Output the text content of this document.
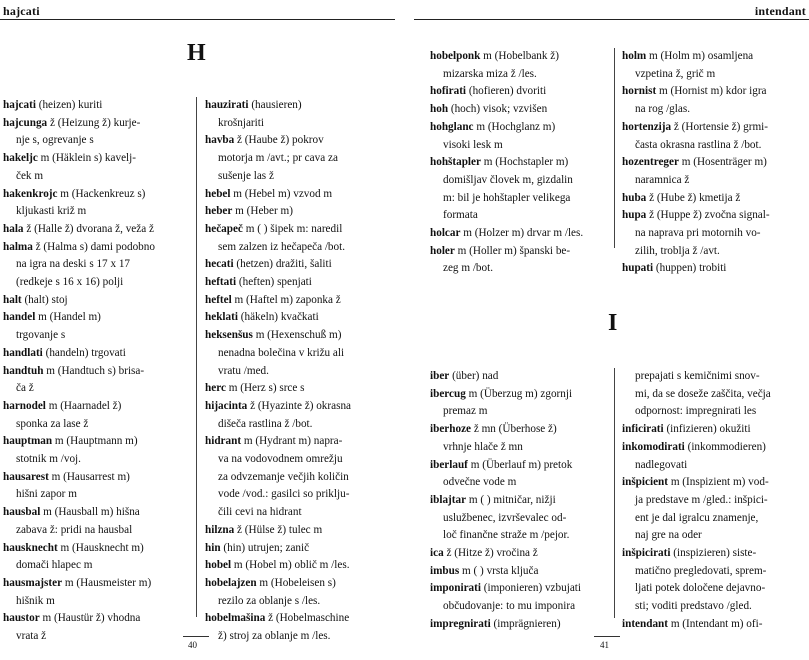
hajcati
H
hajcati (heizen) kuriti
hajcunga ž (Heizung ž) kurje-
nje s, ogrevanje s
hakeljc m (Häklein s) kavelj-
ček m
hakenkrojc m (Hackenkreuz s)
kljukasti križ m
hala ž (Halle ž) dvorana ž, veža ž
halma ž (Halma s) dami podobno
na igra na deski s 17 x 17
(redkeje s 16 x 16) polji
halt (halt) stoj
handel m (Handel m)
trgovanje s
handlati (handeln) trgovati
handtuh m (Handtuch s) brisa-
ča ž
harnodel m (Haarnadel ž)
sponka za lase ž
hauptman m (Hauptmann m)
stotnik m /voj.
hausarest m (Hausarrest m)
hišni zapor m
hausbal m (Hausball m) hišna
zabava ž: pridi na hausbal
hausknecht m (Hausknecht m)
domači hlapec m
hausmajster m (Hausmeister m)
hišnik m
haustor m (Haustür ž) vhodna
vrata ž
hauzirati (hausieren)
krošnjariti
havba ž (Haube ž) pokrov
motorja m /avt.; pr cava za
sušenje las ž
hebel m (Hebel m) vzvod m
heber m (Heber m)
hečapeč m ( ) šipek m: naredil
sem zalzen iz hečapeča /bot.
hecati (hetzen) dražiti, šaliti
heftati (heften) spenjati
heftel m (Haftel m) zaponka ž
heklati (häkeln) kvačkati
heksenšus m (Hexenschuß m)
nenadna bolečina v križu ali
vratu /med.
herc m (Herz s) srce s
hijacinta ž (Hyazinte ž) okrasna
dišeča rastlina ž /bot.
hidrant m (Hydrant m) napra-
va na vodovodnem omrežju
za odvzemanje večjih količin
vode /vod.: gasilci so priklju-
čili cevi na hidrant
hilzna ž (Hülse ž) tulec m
hin (hin) utrujen; zanič
hobel m (Hobel m) oblič m /les.
hobelajzen m (Hobeleisen s)
rezilo za oblanje s /les.
hobelmašina ž (Hobelmaschine
ž) stroj za oblanje m /les.
40
intendant
hobelponk m (Hobelbank ž)
mizarska miza ž /les.
hofirati (hofieren) dvoriti
hoh (hoch) visok; vzvišen
hohglanc m (Hochglanz m)
visoki lesk m
hohštapler m (Hochstapler m)
domišljav človek m, gizdalin
m: bil je hohštapler velikega
formata
holcar m (Holzer m) drvar m /les.
holer m (Holler m) španski be-
zeg m /bot.
holm m (Holm m) osamljena
vzpetina ž, grič m
hornist m (Hornist m) kdor igra
na rog /glas.
hortenzija ž (Hortensie ž) grmi-
časta okrasna rastlina ž /bot.
hozentreger m (Hosenträger m)
naramnica ž
huba ž (Hube ž) kmetija ž
hupa ž (Huppe ž) zvočna signal-
na naprava pri motornih vo-
zilih, troblja ž /avt.
hupati (huppen) trobiti
I
iber (über) nad
ibercug m (Überzug m) zgornji
premaz m
iberhoze ž mn (Überhose ž)
vrhnje hlače ž mn
iberlauf m (Überlauf m) pretok
odvečne vode m
iblajtar m ( ) mitničar, nižji
uslužbenec, izvrševalec od-
loč finančne straže m /pejor.
ica ž (Hitze ž) vročina ž
imbus m ( ) vrsta ključa
imponirati (imponieren) vzbujati
občudovanje: to mu imponira
impregnirati (imprägnieren)
prepajati s kemičnimi snov-
mi, da se doseže zaščita, večja
odpornost: impregnirati les
inficirati (infizieren) okužiti
inkomodirati (inkommodieren)
nadlegovati
inšpicient m (Inspizient m) vod-
ja predstave m /gled.: inšpici-
ent je dal igralcu znamenje,
naj gre na oder
inšpicirati (inspizieren) siste-
matično pregledovati, sprem-
ljati potek določene dejavno-
sti; voditi predstavo /gled.
intendant m (Intendant m) ofi-
41
